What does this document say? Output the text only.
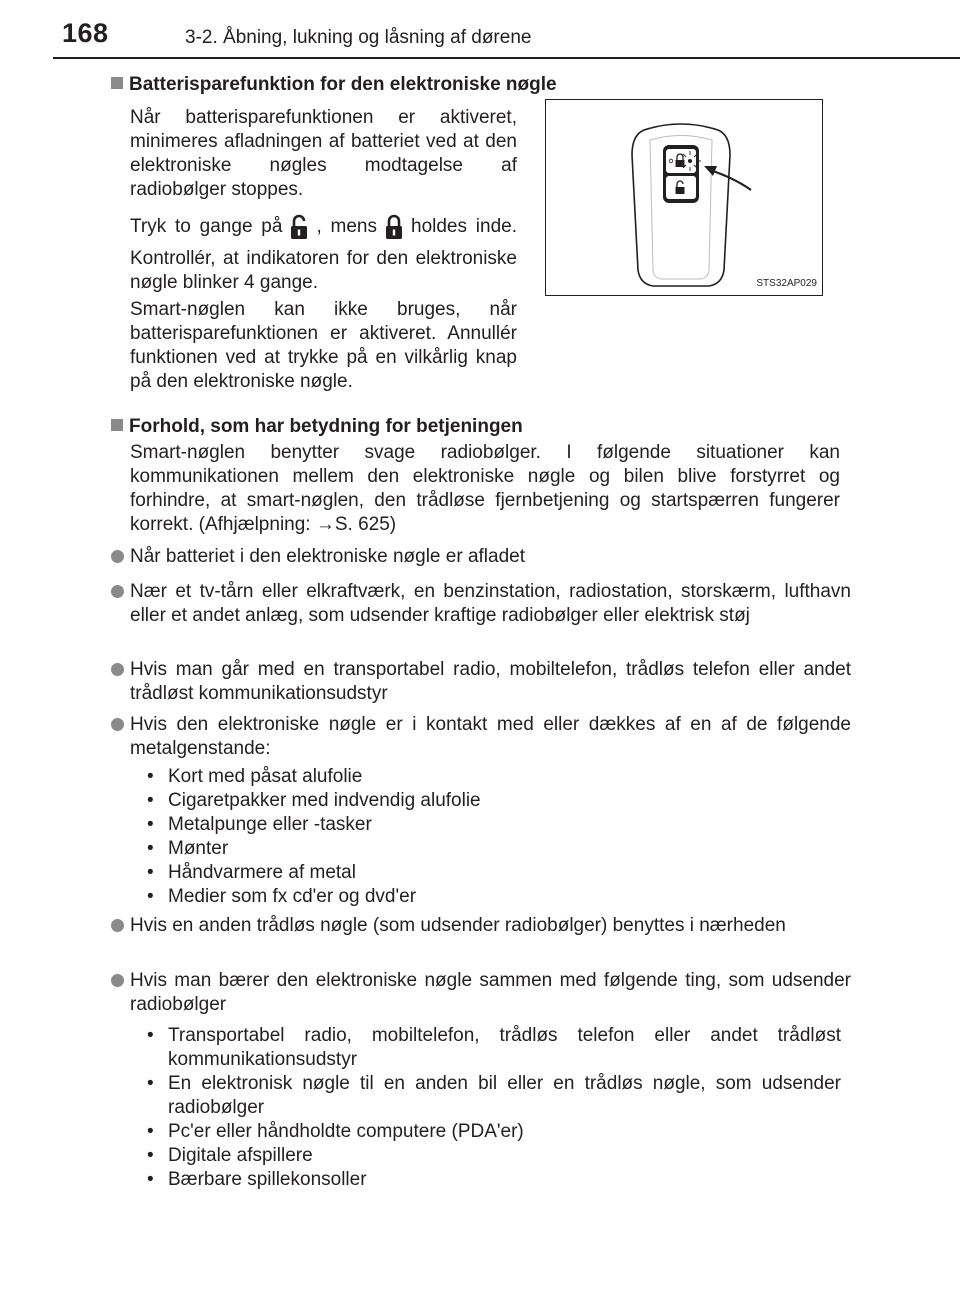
168	3-2. Åbning, lukning og låsning af dørene
Batterisparefunktion for den elektroniske nøgle
Når batterisparefunktionen er aktiveret, minimeres afladningen af batteriet ved at den elektroniske nøgles modtagelse af radiobølger stoppes.
Tryk to gange på , mens holdes inde. Kontrollér, at indikatoren for den elektroniske nøgle blinker 4 gange.
Smart-nøglen kan ikke bruges, når batterisparefunktionen er aktiveret. Annullér funktionen ved at trykke på en vilkårlig knap på den elektroniske nøgle.
STS32AP029
Forhold, som har betydning for betjeningen
Smart-nøglen benytter svage radiobølger. I følgende situationer kan kommunikationen mellem den elektroniske nøgle og bilen blive forstyrret og forhindre, at smart-nøglen, den trådløse fjernbetjening og startspærren fungerer korrekt. (Afhjælpning: →S. 625)
Når batteriet i den elektroniske nøgle er afladet
Nær et tv-tårn eller elkraftværk, en benzinstation, radiostation, storskærm, lufthavn eller et andet anlæg, som udsender kraftige radiobølger eller elektrisk støj
Hvis man går med en transportabel radio, mobiltelefon, trådløs telefon eller andet trådløst kommunikationsudstyr
Hvis den elektroniske nøgle er i kontakt med eller dækkes af en af de følgende metalgenstande:
• Kort med påsat alufolie
• Cigaretpakker med indvendig alufolie
• Metalpunge eller -tasker
• Mønter
• Håndvarmere af metal
• Medier som fx cd'er og dvd'er
Hvis en anden trådløs nøgle (som udsender radiobølger) benyttes i nærheden
Hvis man bærer den elektroniske nøgle sammen med følgende ting, som udsender radiobølger
• Transportabel radio, mobiltelefon, trådløs telefon eller andet trådløst kommunikationsudstyr
• En elektronisk nøgle til en anden bil eller en trådløs nøgle, som udsender radiobølger
• Pc'er eller håndholdte computere (PDA'er)
• Digitale afspillere
• Bærbare spillekonsoller
